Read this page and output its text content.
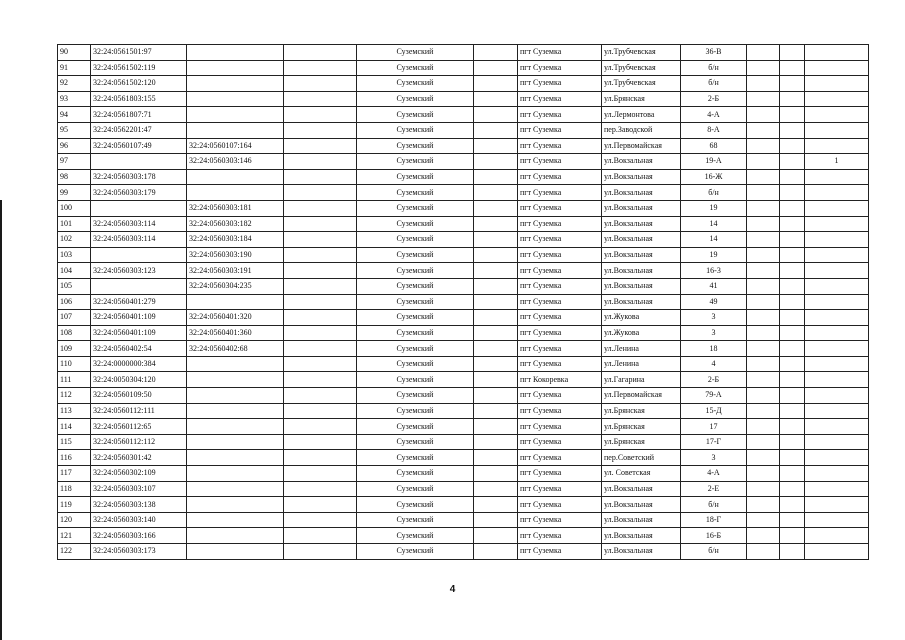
90	32:24:0561501:97			Суземский		пгт Суземка	ул.Трубчевская	36-В			
91	32:24:0561502:119			Суземский		пгт Суземка	ул.Трубчевская	б/н			
92	32:24:0561502:120			Суземский		пгт Суземка	ул.Трубчевская	б/н			
93	32:24:0561803:155			Суземский		пгт Суземка	ул.Брянская	2-Б			
94	32:24:0561807:71			Суземский		пгт Суземка	ул.Лермонтова	4-А			
95	32:24:0562201:47			Суземский		пгт Суземка	пер.Заводской	8-А			
96	32:24:0560107:49	32:24:0560107:164		Суземский		пгт Суземка	ул.Первомайская	68			
97		32:24:0560303:146		Суземский		пгт Суземка	ул.Вокзальная	19-А			1
98	32:24:0560303:178			Суземский		пгт Суземка	ул.Вокзальная	16-Ж			
99	32:24:0560303:179			Суземский		пгт Суземка	ул.Вокзальная	б/н			
100		32:24:0560303:181		Суземский		пгт Суземка	ул.Вокзальная	19			
101	32:24:0560303:114	32:24:0560303:182		Суземский		пгт Суземка	ул.Вокзальная	14			
102	32:24:0560303:114	32:24:0560303:184		Суземский		пгт Суземка	ул.Вокзальная	14			
103		32:24:0560303:190		Суземский		пгт Суземка	ул.Вокзальная	19			
104	32:24:0560303:123	32:24:0560303:191		Суземский		пгт Суземка	ул.Вокзальная	16-3			
105		32:24:0560304:235		Суземский		пгт Суземка	ул.Вокзальная	41			
106	32:24:0560401:279			Суземский		пгт Суземка	ул.Вокзальная	49			
107	32:24:0560401:109	32:24:0560401:320		Суземский		пгт Суземка	ул.Жукова	3			
108	32:24:0560401:109	32:24:0560401:360		Суземский		пгт Суземка	ул.Жукова	3			
109	32:24:0560402:54	32:24:0560402:68		Суземский		пгт Суземка	ул.Ленина	18			
110	32:24:0000000:384			Суземский		пгт Суземка	ул.Ленина	4			
111	32:24:0050304:120			Суземский		пгт Кокоревка	ул.Гагарина	2-Б			
112	32:24:0560109:50			Суземский		пгт Суземка	ул.Первомайская	79-А			
113	32:24:0560112:111			Суземский		пгт Суземка	ул.Брянская	15-Д			
114	32:24:0560112:65			Суземский		пгт Суземка	ул.Брянская	17			
115	32:24:0560112:112			Суземский		пгт Суземка	ул.Брянская	17-Г			
116	32:24:0560301:42			Суземский		пгт Суземка	пер.Советский	3			
117	32:24:0560302:109			Суземский		пгт Суземка	ул. Советская	4-А			
118	32:24:0560303:107			Суземский		пгт Суземка	ул.Вокзальная	2-Е			
119	32:24:0560303:138			Суземский		пгт Суземка	ул.Вокзальная	б/н			
120	32:24:0560303:140			Суземский		пгт Суземка	ул.Вокзальная	18-Г			
121	32:24:0560303:166			Суземский		пгт Суземка	ул.Вокзальная	16-Б			
122	32:24:0560303:173			Суземский		пгт Суземка	ул.Вокзальная	б/н			
4
